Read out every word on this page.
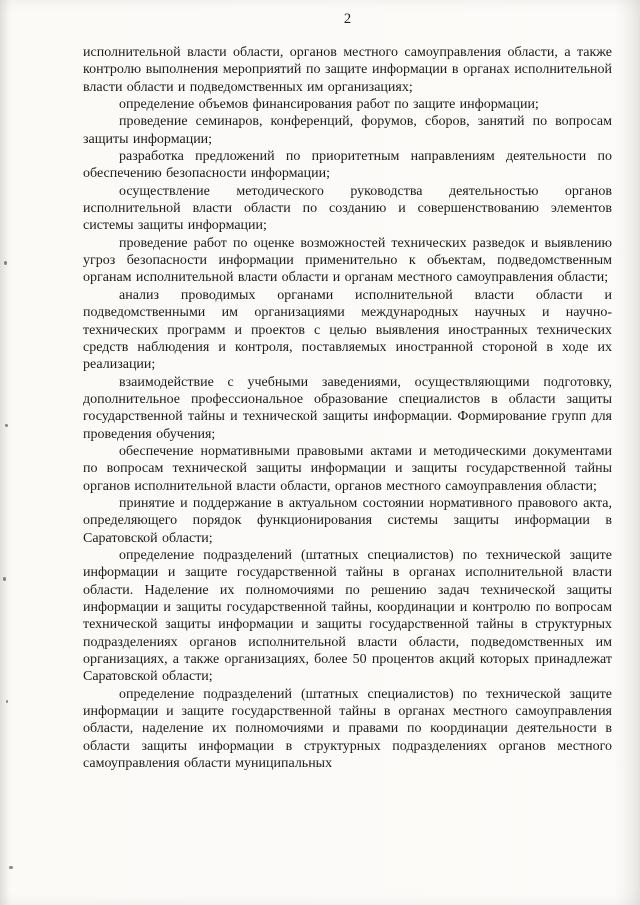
2

исполнительной власти области, органов местного самоуправления области, а также контролю выполнения мероприятий по защите информации в органах исполнительной власти области и подведомственных им организациях;

определение объемов финансирования работ по защите информации;

проведение семинаров, конференций, форумов, сборов, занятий по вопросам защиты информации;

разработка предложений по приоритетным направлениям деятельности по обеспечению безопасности информации;

осуществление методического руководства деятельностью органов исполнительной власти области по созданию и совершенствованию элементов системы защиты информации;

проведение работ по оценке возможностей технических разведок и выявлению угроз безопасности информации применительно к объектам, подведомственным органам исполнительной власти области и органам местного самоуправления области;

анализ проводимых органами исполнительной власти области и подведомственными им организациями международных научных и научно-технических программ и проектов с целью выявления иностранных технических средств наблюдения и контроля, поставляемых иностранной стороной в ходе их реализации;

взаимодействие с учебными заведениями, осуществляющими подготовку, дополнительное профессиональное образование специалистов в области защиты государственной тайны и технической защиты информации. Формирование групп для проведения обучения;

обеспечение нормативными правовыми актами и методическими документами по вопросам технической защиты информации и защиты государственной тайны органов исполнительной власти области, органов местного самоуправления области;

принятие и поддержание в актуальном состоянии нормативного правового акта, определяющего порядок функционирования системы защиты информации в Саратовской области;

определение подразделений (штатных специалистов) по технической защите информации и защите государственной тайны в органах исполнительной власти области. Наделение их полномочиями по решению задач технической защиты информации и защиты государственной тайны, координации и контролю по вопросам технической защиты информации и защиты государственной тайны в структурных подразделениях органов исполнительной власти области, подведомственных им организациях, а также организациях, более 50 процентов акций которых принадлежат Саратовской области;

определение подразделений (штатных специалистов) по технической защите информации и защите государственной тайны в органах местного самоуправления области, наделение их полномочиями и правами по координации деятельности в области защиты информации в структурных подразделениях органов местного самоуправления области муниципальных
